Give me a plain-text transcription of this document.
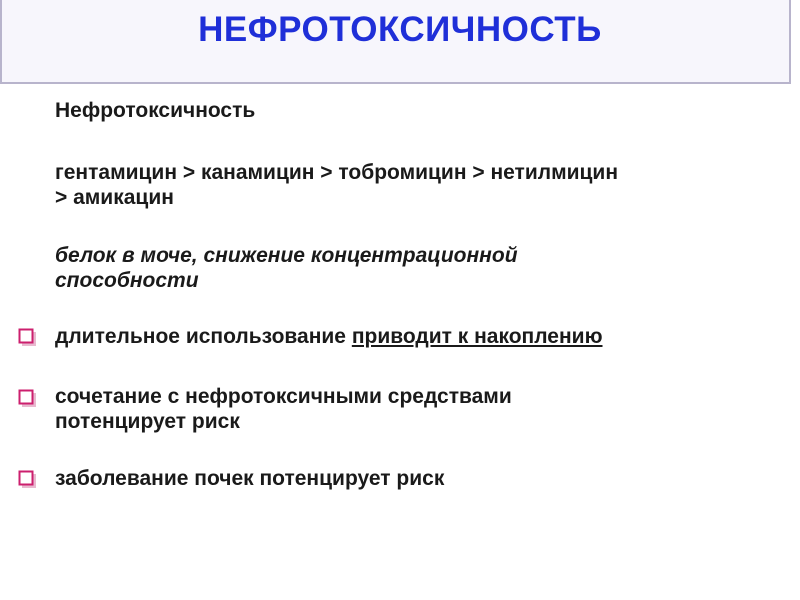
НЕФРОТОКСИЧНОСТЬ

Нефротоксичность

гентамицин > канамицин > тобромицин > нетилмицин

> амикацин

белок в моче, снижение концентрационной

способности

длительное использование приводит к накоплению

сочетание с нефротоксичными средствами

потенцирует риск

заболевание почек потенцирует риск
